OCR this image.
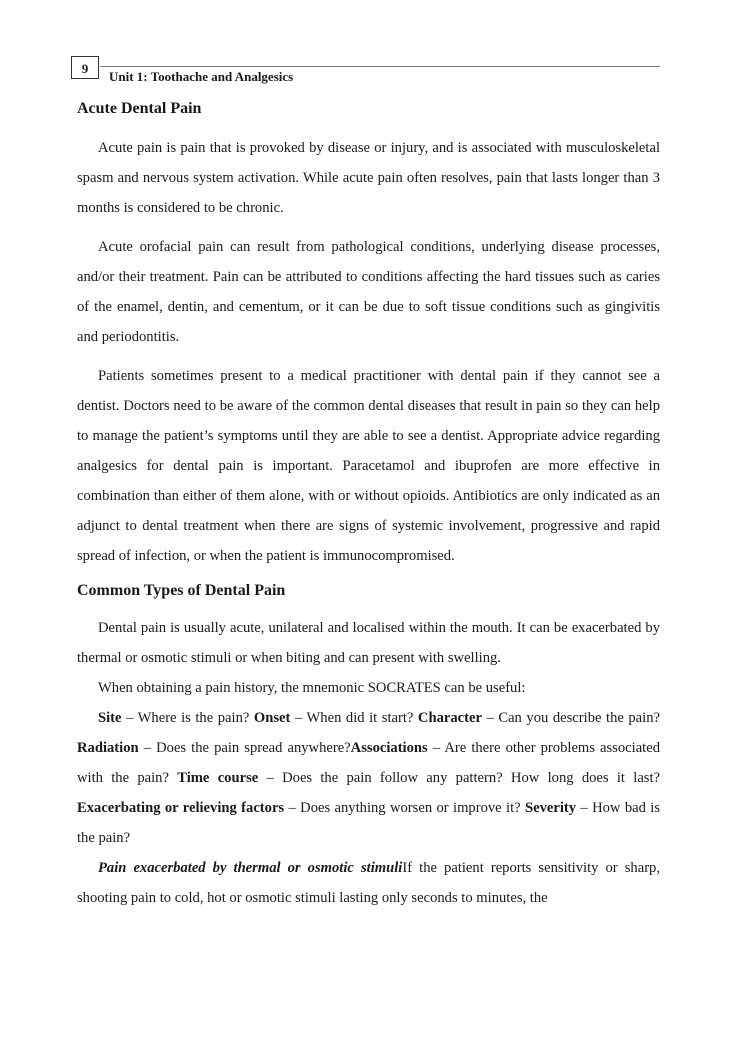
9
Unit 1: Toothache and Analgesics
Acute Dental Pain

Acute pain is pain that is provoked by disease or injury, and is associated with musculoskeletal spasm and nervous system activation. While acute pain often resolves, pain that lasts longer than 3 months is considered to be chronic.

Acute orofacial pain can result from pathological conditions, underlying disease processes, and/or their treatment. Pain can be attributed to conditions affecting the hard tissues such as caries of the enamel, dentin, and cementum, or it can be due to soft tissue conditions such as gingivitis and periodontitis.

Patients sometimes present to a medical practitioner with dental pain if they cannot see a dentist. Doctors need to be aware of the common dental diseases that result in pain so they can help to manage the patient’s symptoms until they are able to see a dentist. Appropriate advice regarding analgesics for dental pain is important. Paracetamol and ibuprofen are more effective in combination than either of them alone, with or without opioids. Antibiotics are only indicated as an adjunct to dental treatment when there are signs of systemic involvement, progressive and rapid spread of infection, or when the patient is immunocompromised.

Common Types of Dental Pain

Dental pain is usually acute, unilateral and localised within the mouth. It can be exacerbated by thermal or osmotic stimuli or when biting and can present with swelling.

When obtaining a pain history, the mnemonic SOCRATES can be useful:

Site – Where is the pain? Onset – When did it start? Character – Can you describe the pain? Radiation – Does the pain spread anywhere?Associations – Are there other problems associated with the pain? Time course – Does the pain follow any pattern? How long does it last?Exacerbating or relieving factors – Does anything worsen or improve it? Severity – How bad is the pain?

Pain exacerbated by thermal or osmotic stimuliIf the patient reports sensitivity or sharp, shooting pain to cold, hot or osmotic stimuli lasting only seconds to minutes, the
